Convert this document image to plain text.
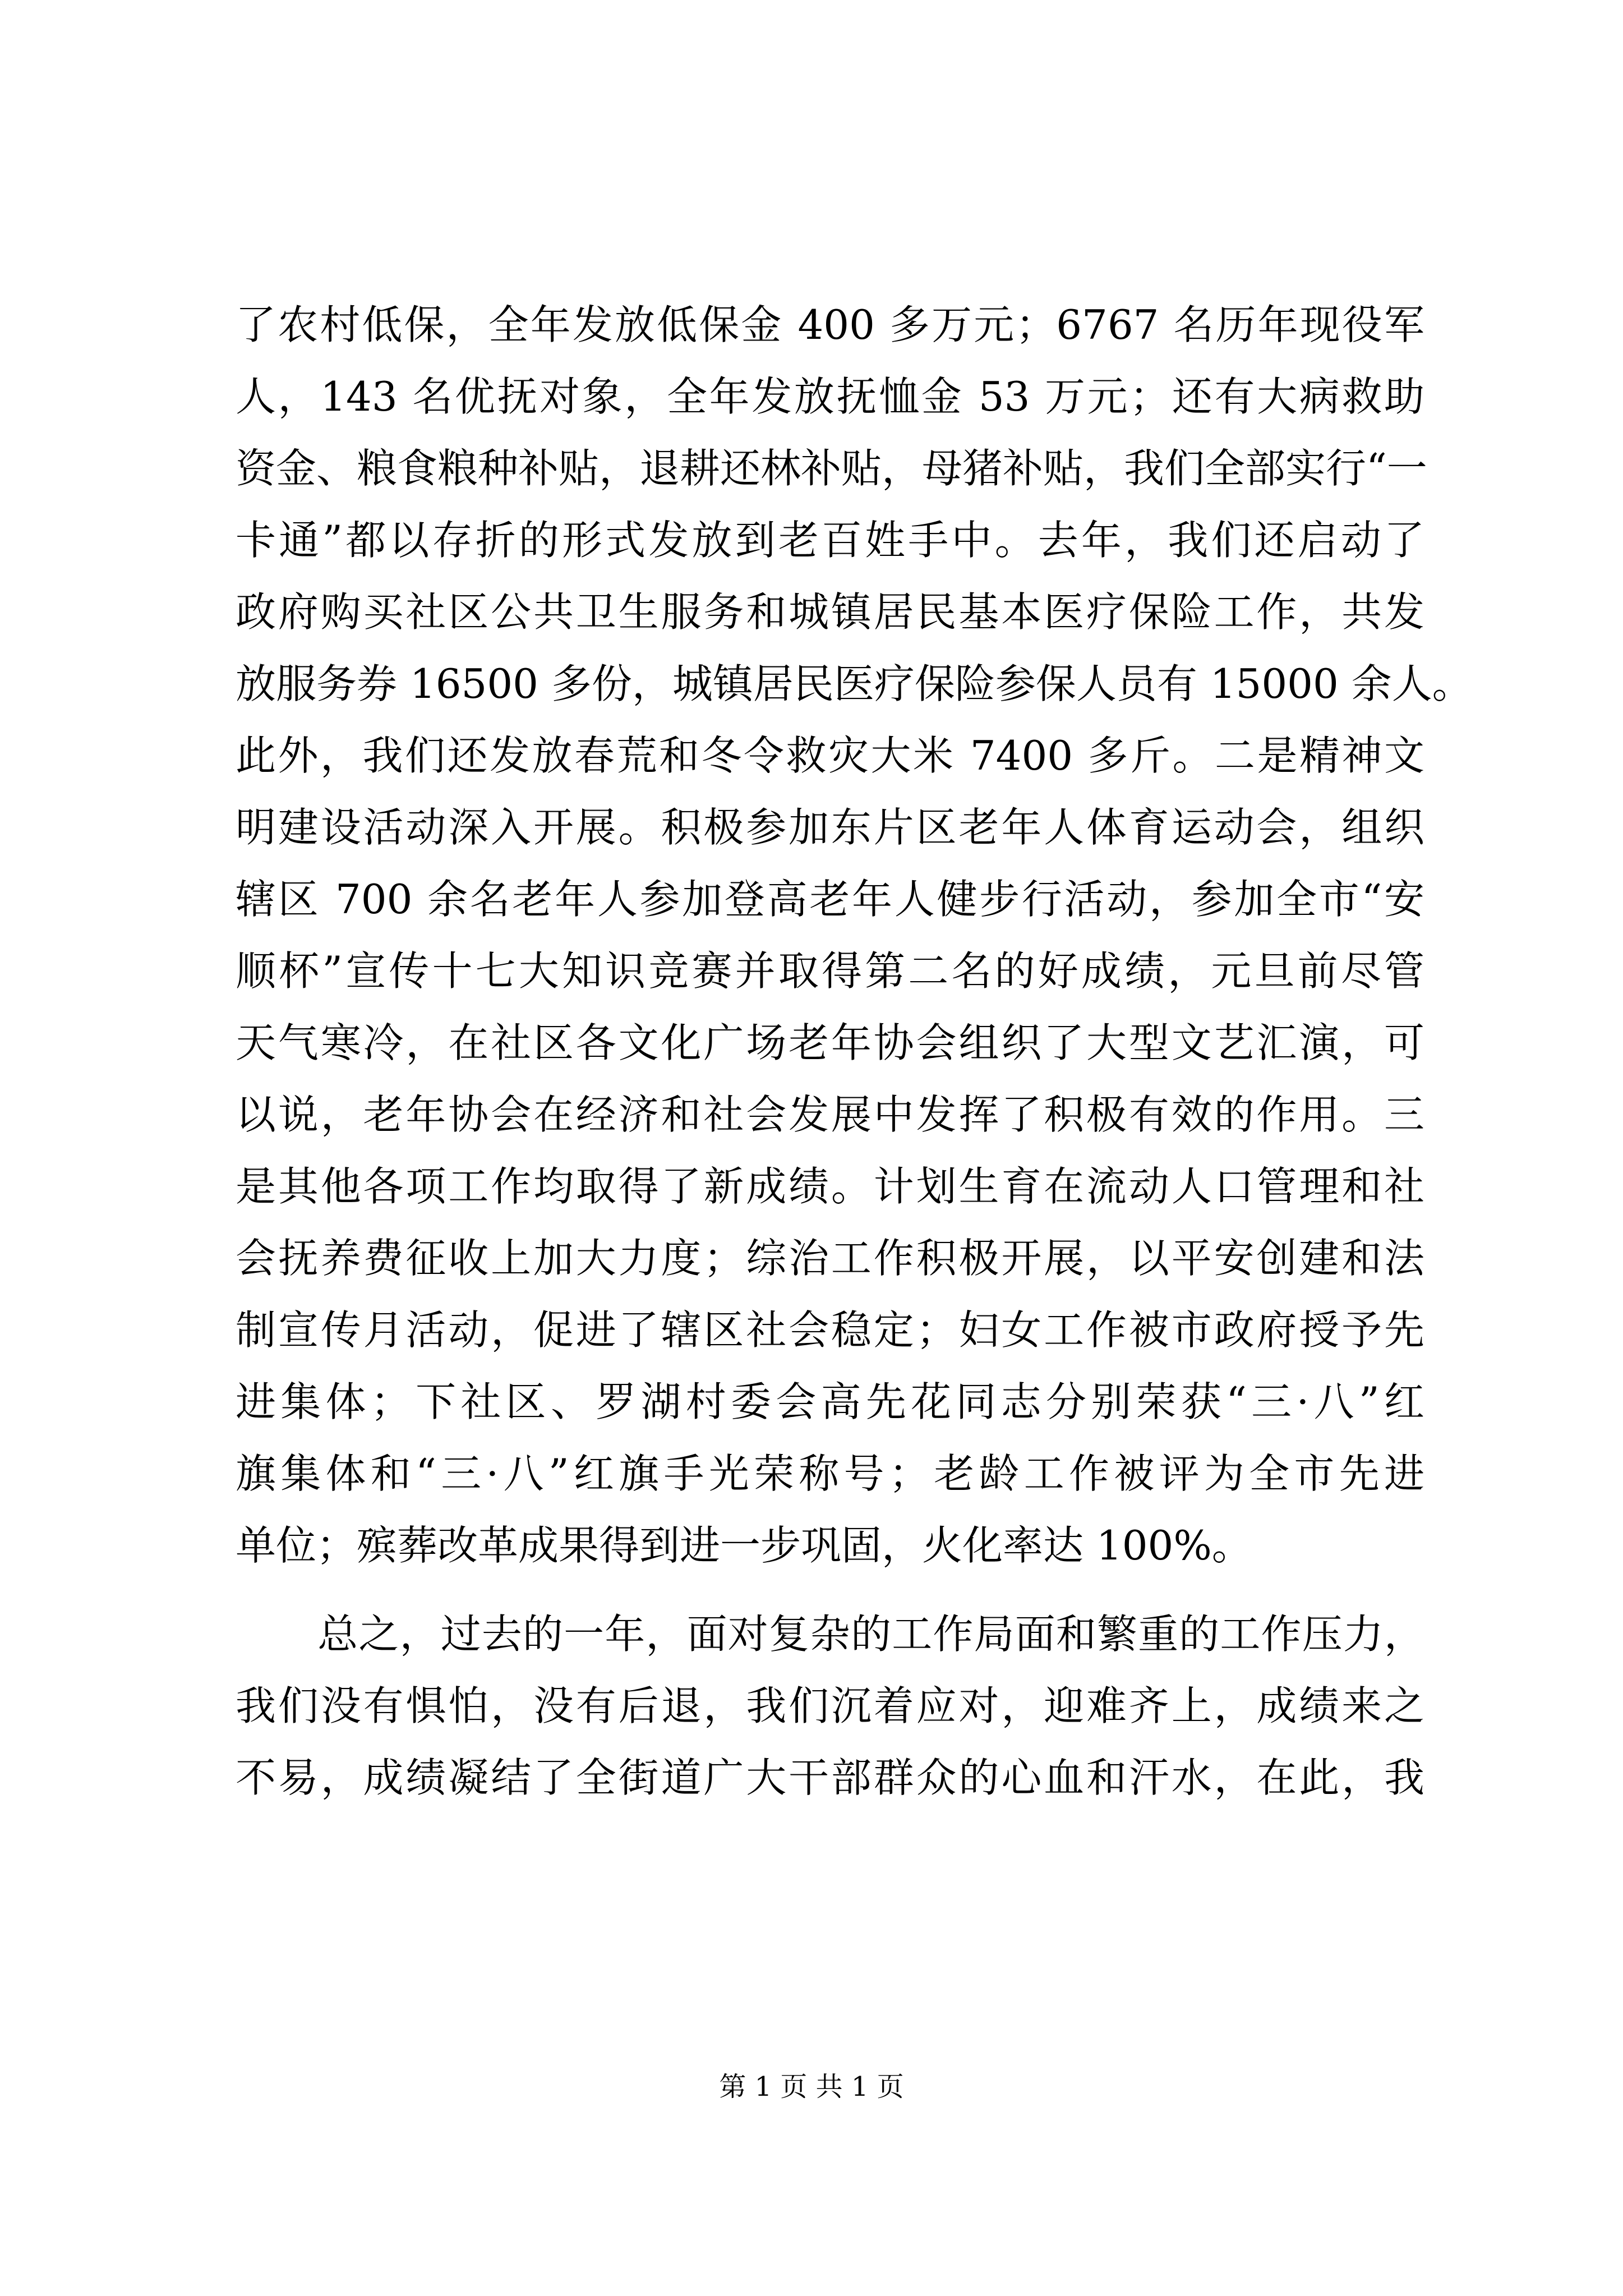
了农村低保，全年发放低保金 400 多万元；6767 名历年现役军
人，143 名优抚对象，全年发放抚恤金 53 万元；还有大病救助
资金、粮食粮种补贴，退耕还林补贴，母猪补贴，我们全部实行“一
卡通”都以存折的形式发放到老百姓手中。去年，我们还启动了
政府购买社区公共卫生服务和城镇居民基本医疗保险工作，共发
放服务券 16500 多份，城镇居民医疗保险参保人员有 15000 余人。
此外，我们还发放春荒和冬令救灾大米 7400 多斤。二是精神文
明建设活动深入开展。积极参加东片区老年人体育运动会，组织
辖区 700 余名老年人参加登高老年人健步行活动，参加全市“安
顺杯”宣传十七大知识竞赛并取得第二名的好成绩，元旦前尽管
天气寒冷，在社区各文化广场老年协会组织了大型文艺汇演，可
以说，老年协会在经济和社会发展中发挥了积极有效的作用。三
是其他各项工作均取得了新成绩。计划生育在流动人口管理和社
会抚养费征收上加大力度；综治工作积极开展，以平安创建和法
制宣传月活动，促进了辖区社会稳定；妇女工作被市政府授予先
进集体；下社区、罗湖村委会高先花同志分别荣获“三·八”红
旗集体和“三·八”红旗手光荣称号；老龄工作被评为全市先进
单位；殡葬改革成果得到进一步巩固，火化率达 100%。
　　总之，过去的一年，面对复杂的工作局面和繁重的工作压力，
我们没有惧怕，没有后退，我们沉着应对，迎难齐上，成绩来之
不易，成绩凝结了全街道广大干部群众的心血和汗水，在此，我
第 1 页 共 1 页
